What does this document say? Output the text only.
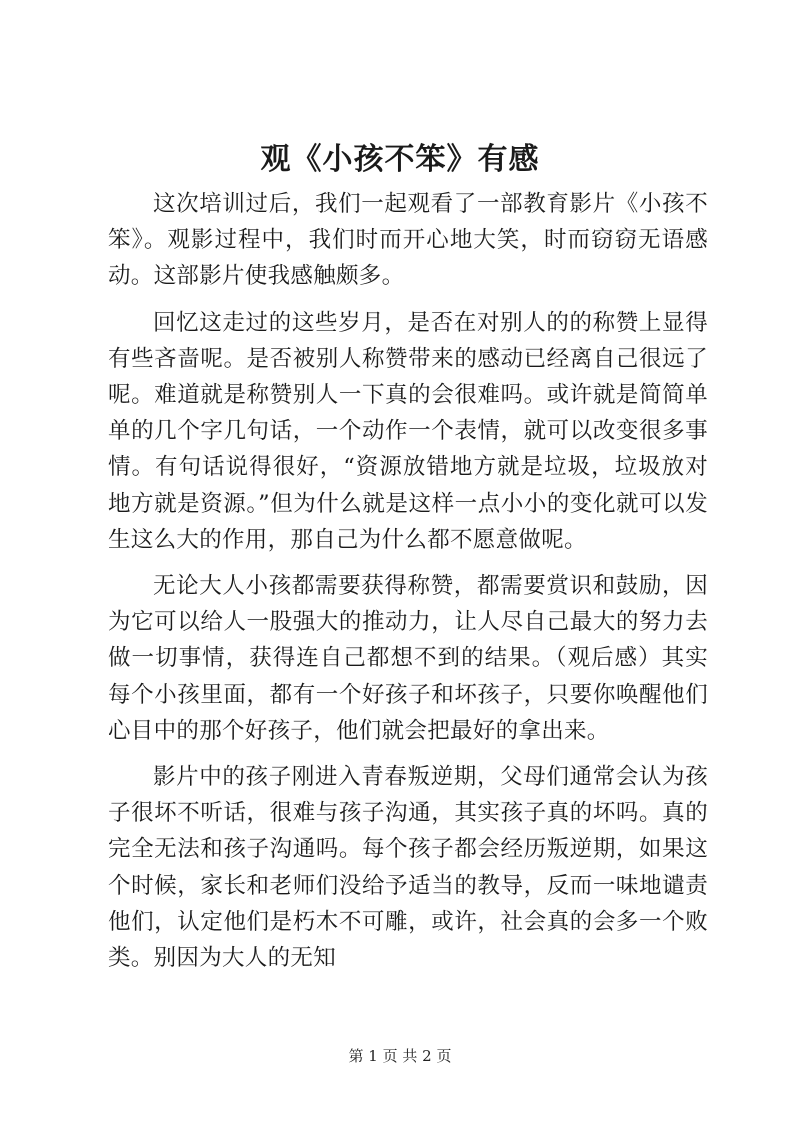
观《小孩不笨》有感

这次培训过后，我们一起观看了一部教育影片《小孩不笨》。观影过程中，我们时而开心地大笑，时而窃窃无语感动。这部影片使我感触颇多。

回忆这走过的这些岁月，是否在对别人的的称赞上显得有些吝啬呢。是否被别人称赞带来的感动已经离自己很远了呢。难道就是称赞别人一下真的会很难吗。或许就是简简单单的几个字几句话，一个动作一个表情，就可以改变很多事情。有句话说得很好，“资源放错地方就是垃圾，垃圾放对地方就是资源。”但为什么就是这样一点小小的变化就可以发生这么大的作用，那自己为什么都不愿意做呢。

无论大人小孩都需要获得称赞，都需要赏识和鼓励，因为它可以给人一股强大的推动力，让人尽自己最大的努力去做一切事情，获得连自己都想不到的结果。（观后感）其实每个小孩里面，都有一个好孩子和坏孩子，只要你唤醒他们心目中的那个好孩子，他们就会把最好的拿出来。

影片中的孩子刚进入青春叛逆期，父母们通常会认为孩子很坏不听话，很难与孩子沟通，其实孩子真的坏吗。真的完全无法和孩子沟通吗。每个孩子都会经历叛逆期，如果这个时候，家长和老师们没给予适当的教导，反而一味地谴责他们，认定他们是朽木不可雕，或许，社会真的会多一个败类。别因为大人的无知

第 1 页 共 2 页
